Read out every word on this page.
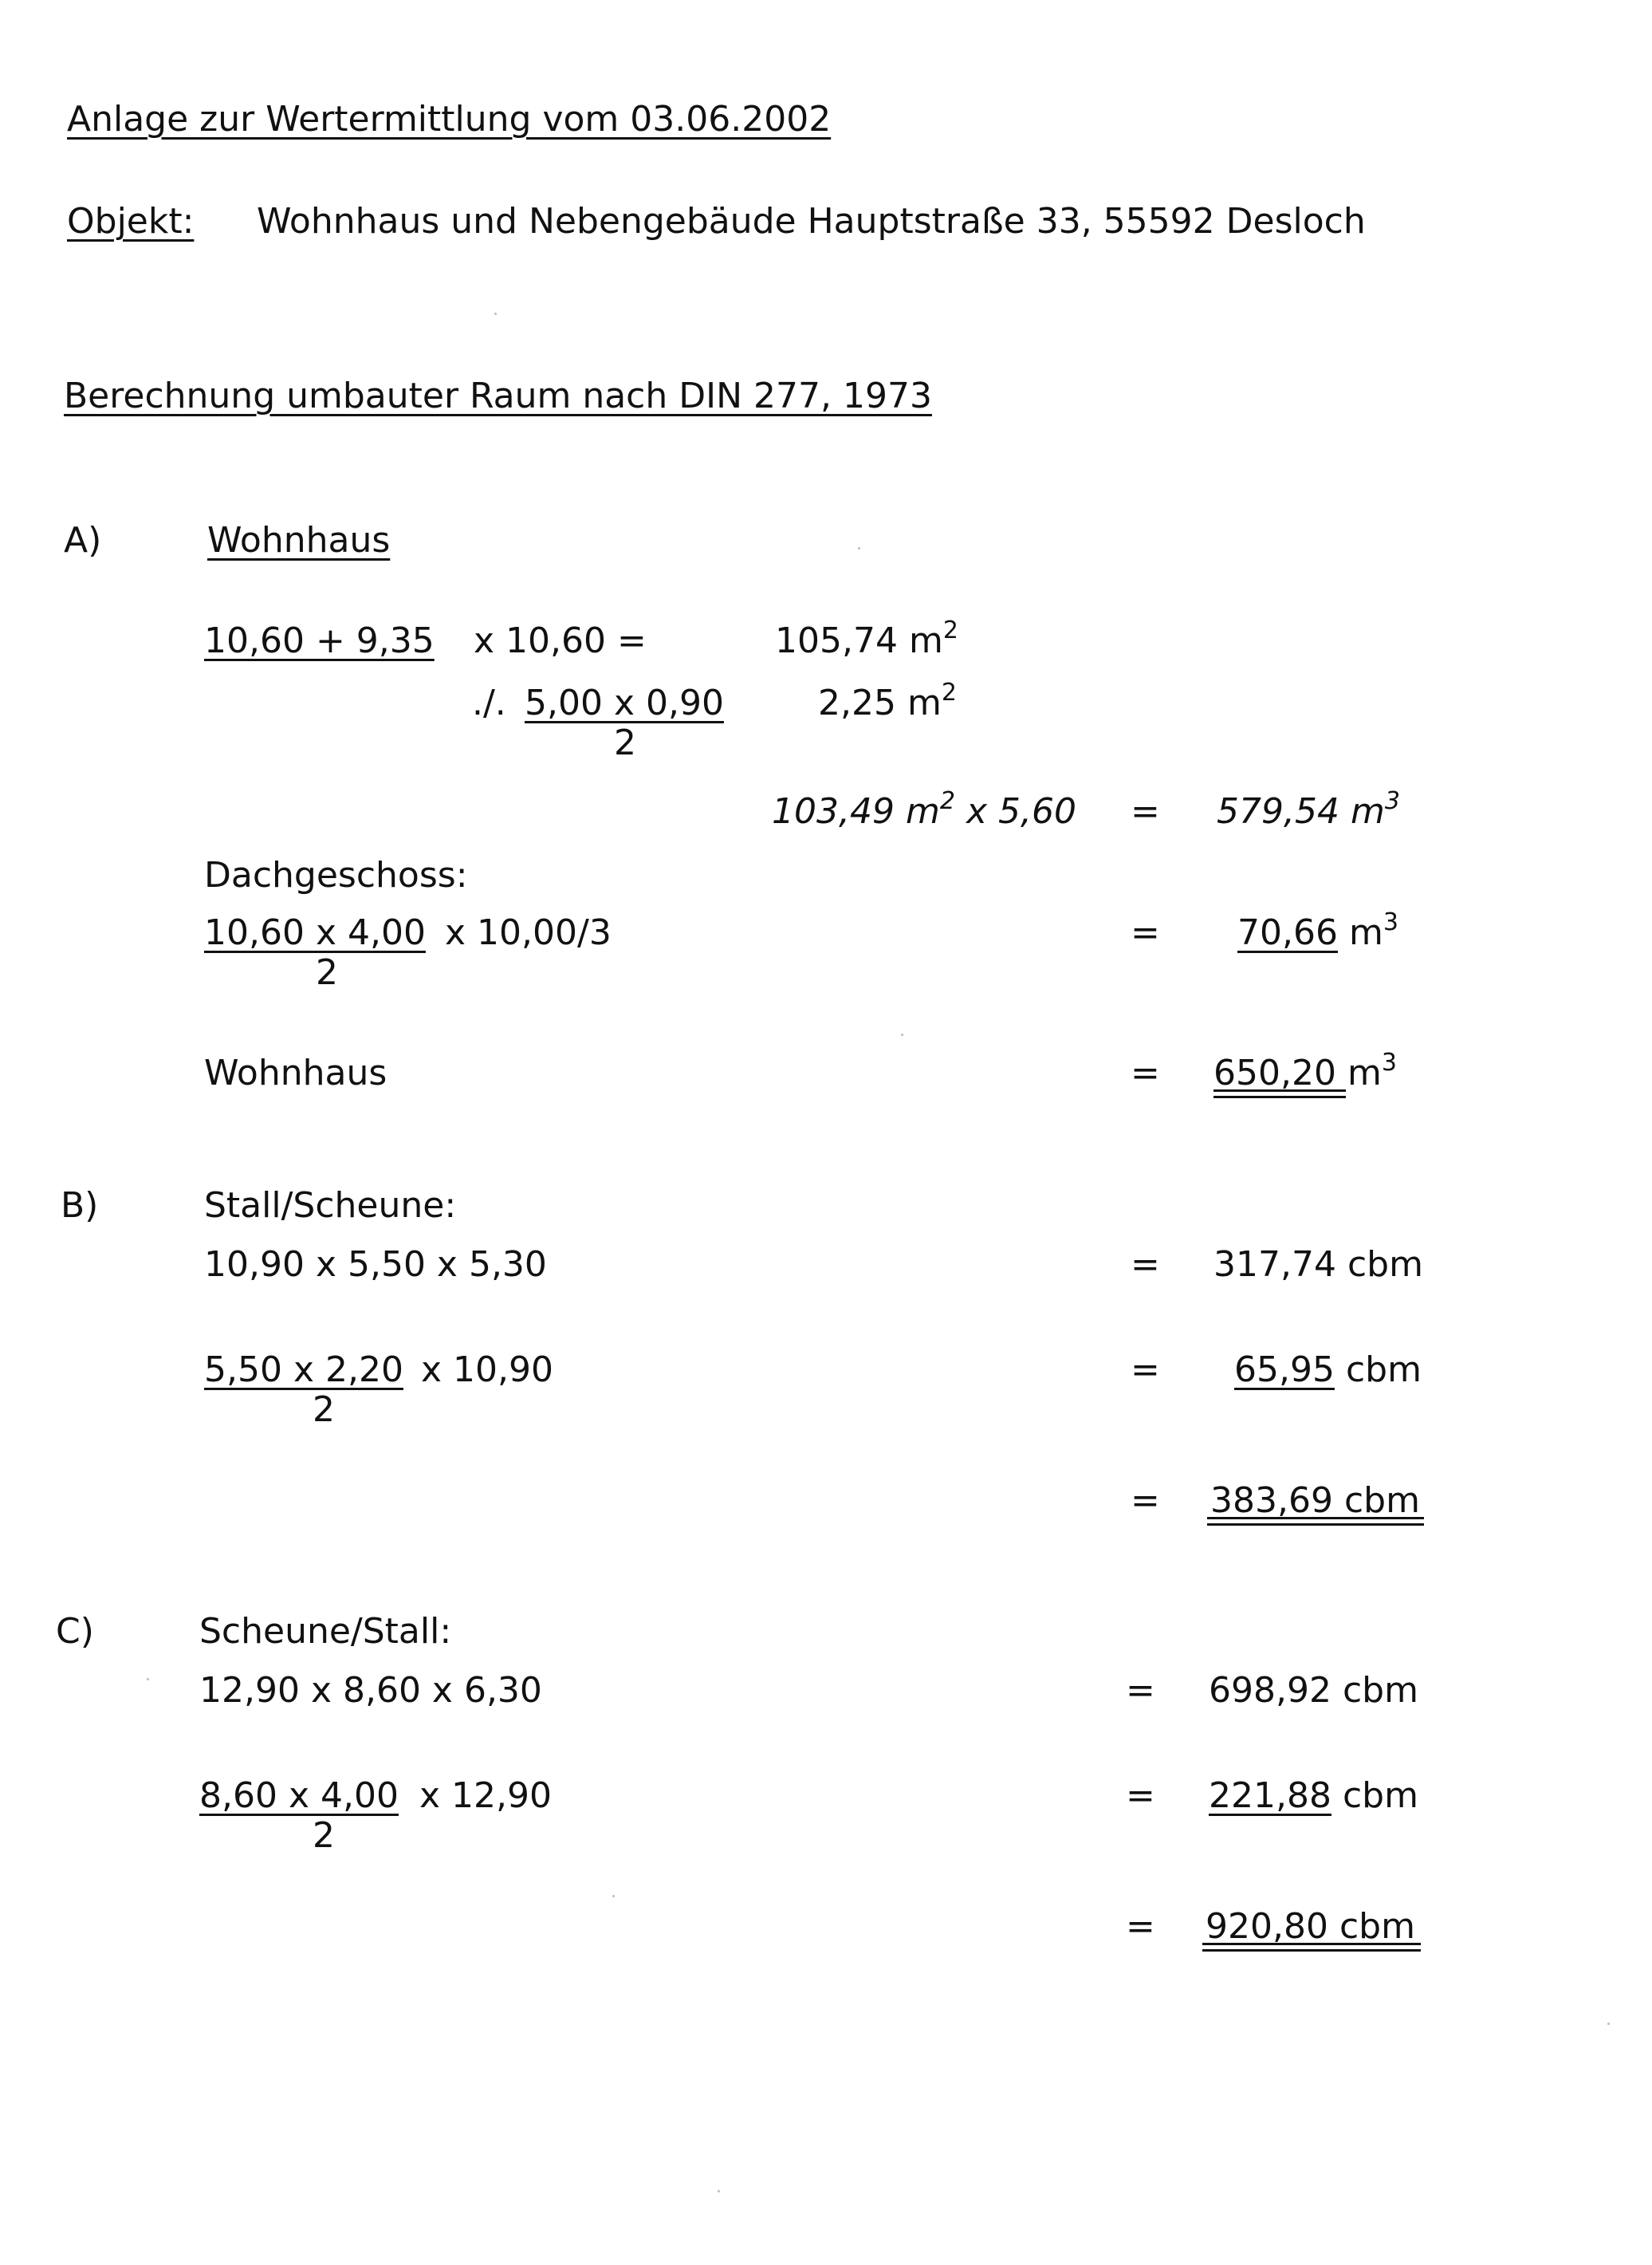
Anlage zur Wertermittlung vom 03.06.2002
Objekt: Wohnhaus und Nebengebäude Hauptstraße 33, 55592 Desloch
Berechnung umbauter Raum nach DIN 277, 1973
A)	Wohnhaus
10,60 + 9,35 x 10,60 =	105,74 $m^2$
./. 5,00 x 0,90
2
2,25 $m^2$
103,49 $m^2$ x 5,60 = 579,54 $m^3$
Dachgeschoss:
10,60 x 4,00
2
x 10,00/3	= 70,66 $m^3$
Wohnhaus	= 650,20 $m^3$
B)	Stall/Scheune:
10,90 x 5,50 x 5,30	= 317,74 cbm
5,50 x 2,20
2
x 10,90	= 65,95 cbm
= 383,69 cbm
C)	Scheune/Stall:
12,90 x 8,60 x 6,30	= 698,92 cbm
8,60 x 4,00
2
x 12,90	= 221,88 cbm
= 920,80 cbm
